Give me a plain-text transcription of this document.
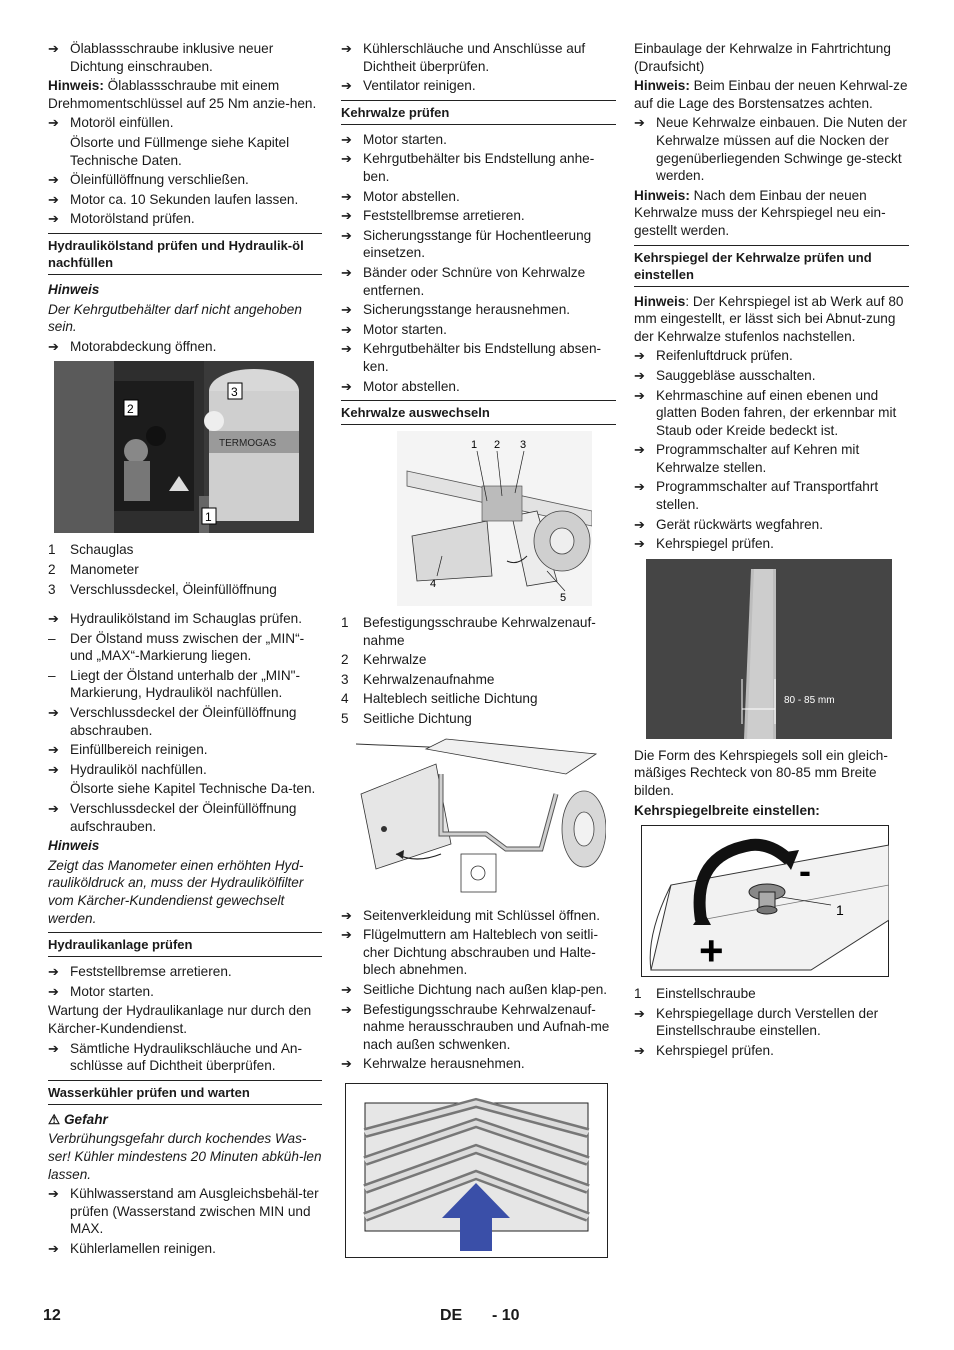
➔ Ölablassschraube inklusive neuer Dichtung einschrauben.
Hinweis: Ölablassschraube mit einem Drehmomentschlüssel auf 25 Nm anzie-hen.
➔ Motoröl einfüllen.
Ölsorte und Füllmenge siehe Kapitel Technische Daten.
➔ Öleinfüllöffnung verschließen.
➔ Motor ca. 10 Sekunden laufen lassen.
➔ Motorölstand prüfen.
Hydraulikölstand prüfen und Hydraulik-öl nachfüllen
Hinweis
Der Kehrgutbehälter darf nicht angehoben sein.
➔ Motorabdeckung öffnen.
TERMOGAS
3
2
1
1	Schauglas
2	Manometer
3	Verschlussdeckel, Öleinfüllöffnung
➔ Hydraulikölstand im Schauglas prüfen.
–	Der Ölstand muss zwischen der „MIN“- und „MAX“-Markierung liegen.
–	Liegt der Ölstand unterhalb der „MIN"-Markierung, Hydrauliköl nachfüllen.
➔ Verschlussdeckel der Öleinfüllöffnung abschrauben.
➔ Einfüllbereich reinigen.
➔ Hydrauliköl nachfüllen.
Ölsorte siehe Kapitel Technische Da-ten.
➔ Verschlussdeckel der Öleinfüllöffnung aufschrauben.
Hinweis
Zeigt das Manometer einen erhöhten Hyd-rauliköldruck an, muss der Hydraulikölfilter vom Kärcher-Kundendienst gewechselt werden.
Hydraulikanlage prüfen
➔ Feststellbremse arretieren.
➔ Motor starten.
Wartung der Hydraulikanlage nur durch den Kärcher-Kundendienst.
➔ Sämtliche Hydraulikschläuche und An-schlüsse auf Dichtheit überprüfen.
Wasserkühler prüfen und warten
⚠ Gefahr
Verbrühungsgefahr durch kochendes Was-ser! Kühler mindestens 20 Minuten abküh-len lassen.
➔ Kühlwasserstand am Ausgleichsbehäl-ter prüfen (Wasserstand zwischen MIN und MAX.
➔ Kühlerlamellen reinigen.
➔ Kühlerschläuche und Anschlüsse auf Dichtheit überprüfen.
➔ Ventilator reinigen.
Kehrwalze prüfen
➔ Motor starten.
➔ Kehrgutbehälter bis Endstellung anhe-ben.
➔ Motor abstellen.
➔ Feststellbremse arretieren.
➔ Sicherungsstange für Hochentleerung einsetzen.
➔ Bänder oder Schnüre von Kehrwalze entfernen.
➔ Sicherungsstange herausnehmen.
➔ Motor starten.
➔ Kehrgutbehälter bis Endstellung absen-ken.
➔ Motor abstellen.
Kehrwalze auswechseln
1 2 3
4
5
1	Befestigungsschraube Kehrwalzenauf-nahme
2	Kehrwalze
3	Kehrwalzenaufnahme
4	Halteblech seitliche Dichtung
5	Seitliche Dichtung
➔ Seitenverkleidung mit Schlüssel öffnen.
➔ Flügelmuttern am Halteblech von seitli-cher Dichtung abschrauben und Halte-blech abnehmen.
➔ Seitliche Dichtung nach außen klap-pen.
➔ Befestigungsschraube Kehrwalzenauf-nahme herausschrauben und Aufnah-me nach außen schwenken.
➔ Kehrwalze herausnehmen.
Einbaulage der Kehrwalze in Fahrtrichtung (Draufsicht)
Hinweis: Beim Einbau der neuen Kehrwal-ze auf die Lage des Borstensatzes achten.
➔ Neue Kehrwalze einbauen. Die Nuten der Kehrwalze müssen auf die Nocken der gegenüberliegenden Schwinge ge-steckt werden.
Hinweis: Nach dem Einbau der neuen Kehrwalze muss der Kehrspiegel neu ein-gestellt werden.
Kehrspiegel der Kehrwalze prüfen und einstellen
Hinweis: Der Kehrspiegel ist ab Werk auf 80 mm eingestellt, er lässt sich bei Abnut-zung der Kehrwalze stufenlos nachstellen.
➔ Reifenluftdruck prüfen.
➔ Sauggebläse ausschalten.
➔ Kehrmaschine auf einen ebenen und glatten Boden fahren, der erkennbar mit Staub oder Kreide bedeckt ist.
➔ Programmschalter auf Kehren mit Kehrwalze stellen.
➔ Programmschalter auf Transportfahrt stellen.
➔ Gerät rückwärts wegfahren.
➔ Kehrspiegel prüfen.
80 - 85 mm
Die Form des Kehrspiegels soll ein gleich-mäßiges Rechteck von 80-85 mm Breite bilden.
Kehrspiegelbreite einstellen:
-
+
1
1	Einstellschraube
➔ Kehrspiegellage durch Verstellen der Einstellschraube einstellen.
➔ Kehrspiegel prüfen.
12	DE - 10
